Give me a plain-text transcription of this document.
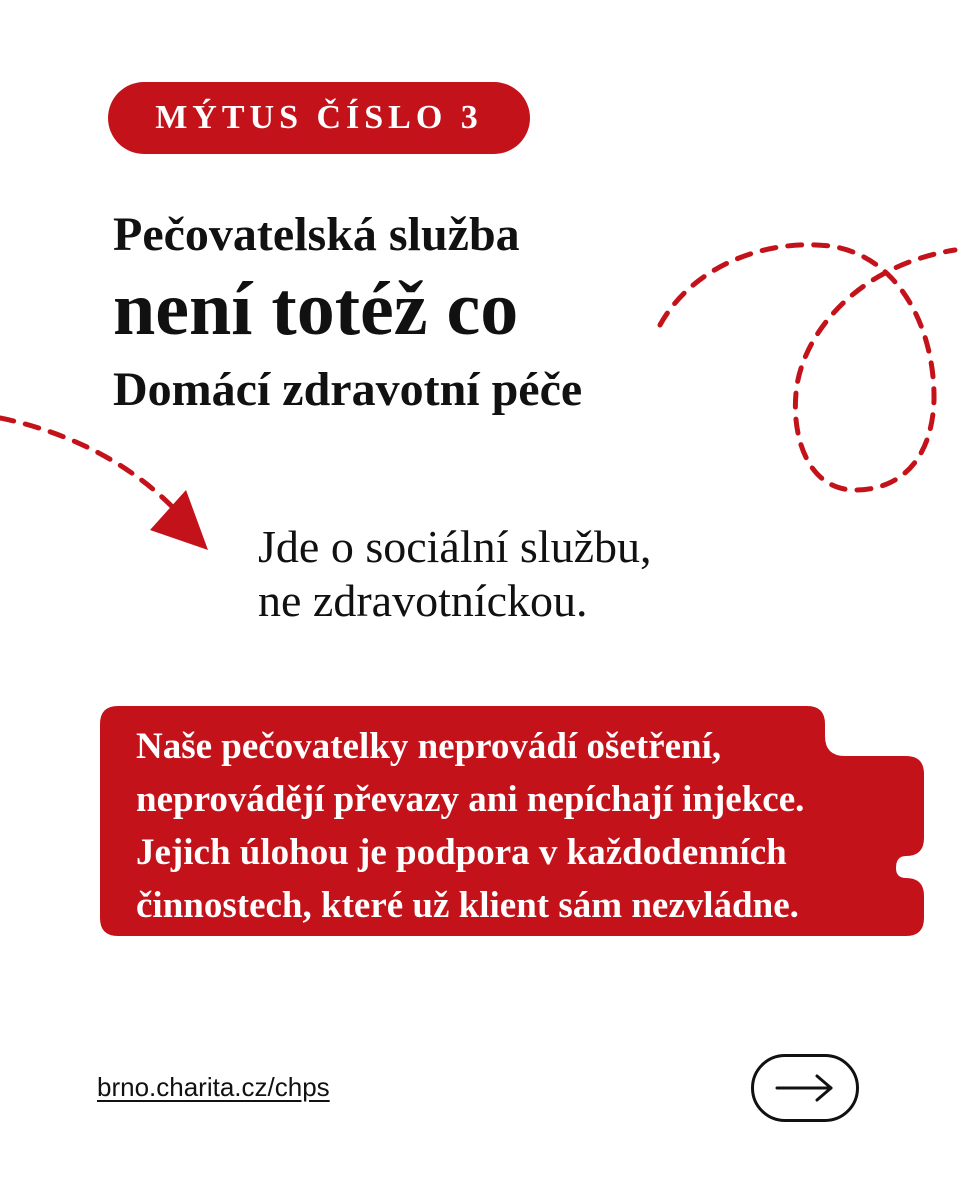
MÝTUS ČÍSLO 3
Pečovatelská služba
není totéž co
Domácí zdravotní péče
Jde o sociální službu,
ne zdravotníckou.
Naše pečovatelky neprovádí ošetření,
neprovádějí převazy ani nepíchají injekce.
Jejich úlohou je podpora v každodenních
činnostech, které už klient sám nezvládne.
brno.charita.cz/chps
